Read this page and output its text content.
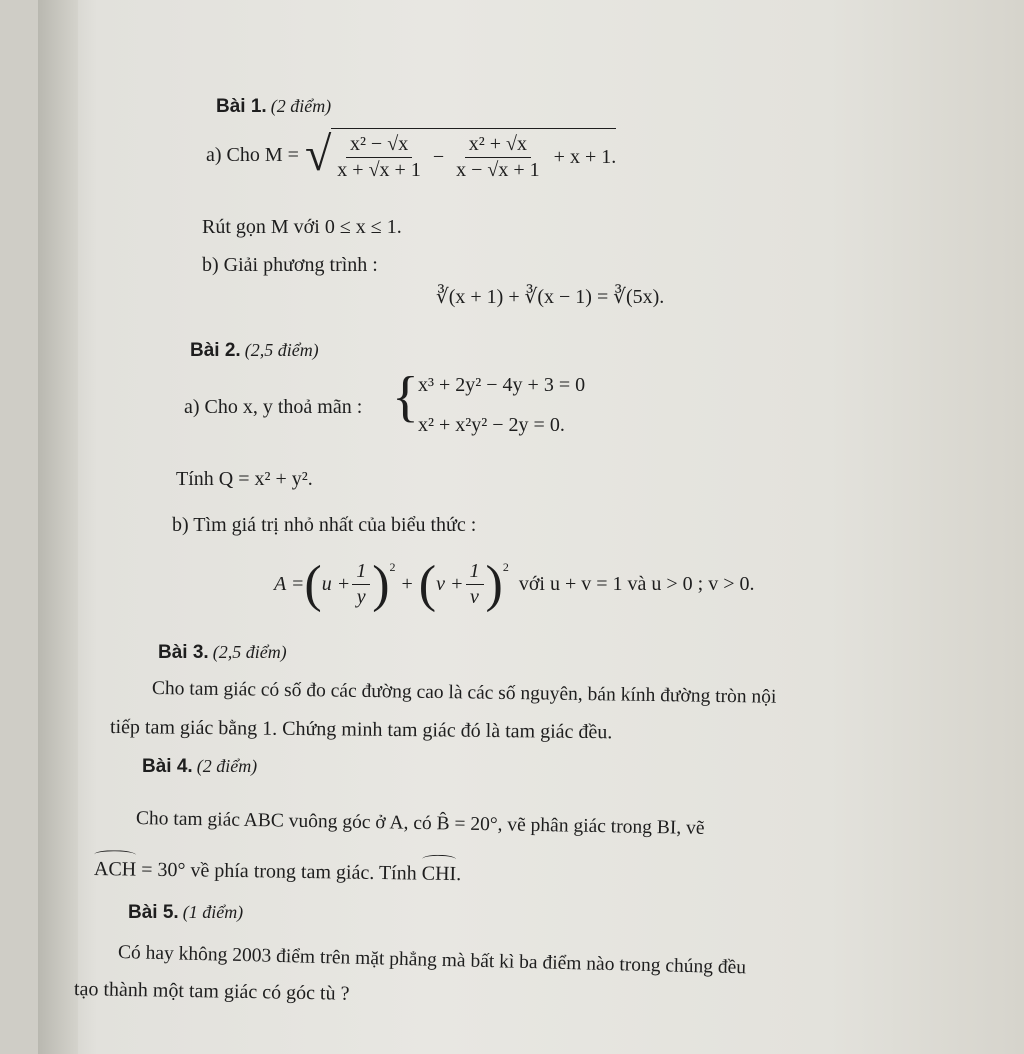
Bài 1. (2 điểm)
a) Cho M = √ $\frac{\text{x² − √x}}{x + √x + 1} - \frac{\text{x² + √x}}{x - √x + 1} + x + 1$.
Rút gọn M với 0 ≤ x ≤ 1.
b) Giải phương trình :
∛(x + 1) + ∛(x − 1) = ∛(5x).
Bài 2. (2,5 điểm)
a) Cho x, y thoả mãn : { x³ + 2y² − 4y + 3 = 0
x² + x²y² − 2y = 0.
Tính Q = x² + y².
b) Tìm giá trị nhỏ nhất của biểu thức :
A = ( $u + \frac{1}{y} )^2$
+ ( $v + \frac{1}{v} )^2$
với u + v = 1 và u > 0 ; v > 0.
Bài 3. (2,5 điểm)
Cho tam giác có số đo các đường cao là các số nguyên, bán kính đường tròn nội
tiếp tam giác bằng 1. Chứng minh tam giác đó là tam giác đều.
Bài 4. (2 điểm)
Cho tam giác ABC vuông góc ở A, có B̂ = 20°, vẽ phân giác trong BI, vẽ
ACH = 30° về phía trong tam giác. Tính CHI.
Bài 5. (1 điểm)
Có hay không 2003 điểm trên mặt phẳng mà bất kì ba điểm nào trong chúng đều
tạo thành một tam giác có góc tù ?
